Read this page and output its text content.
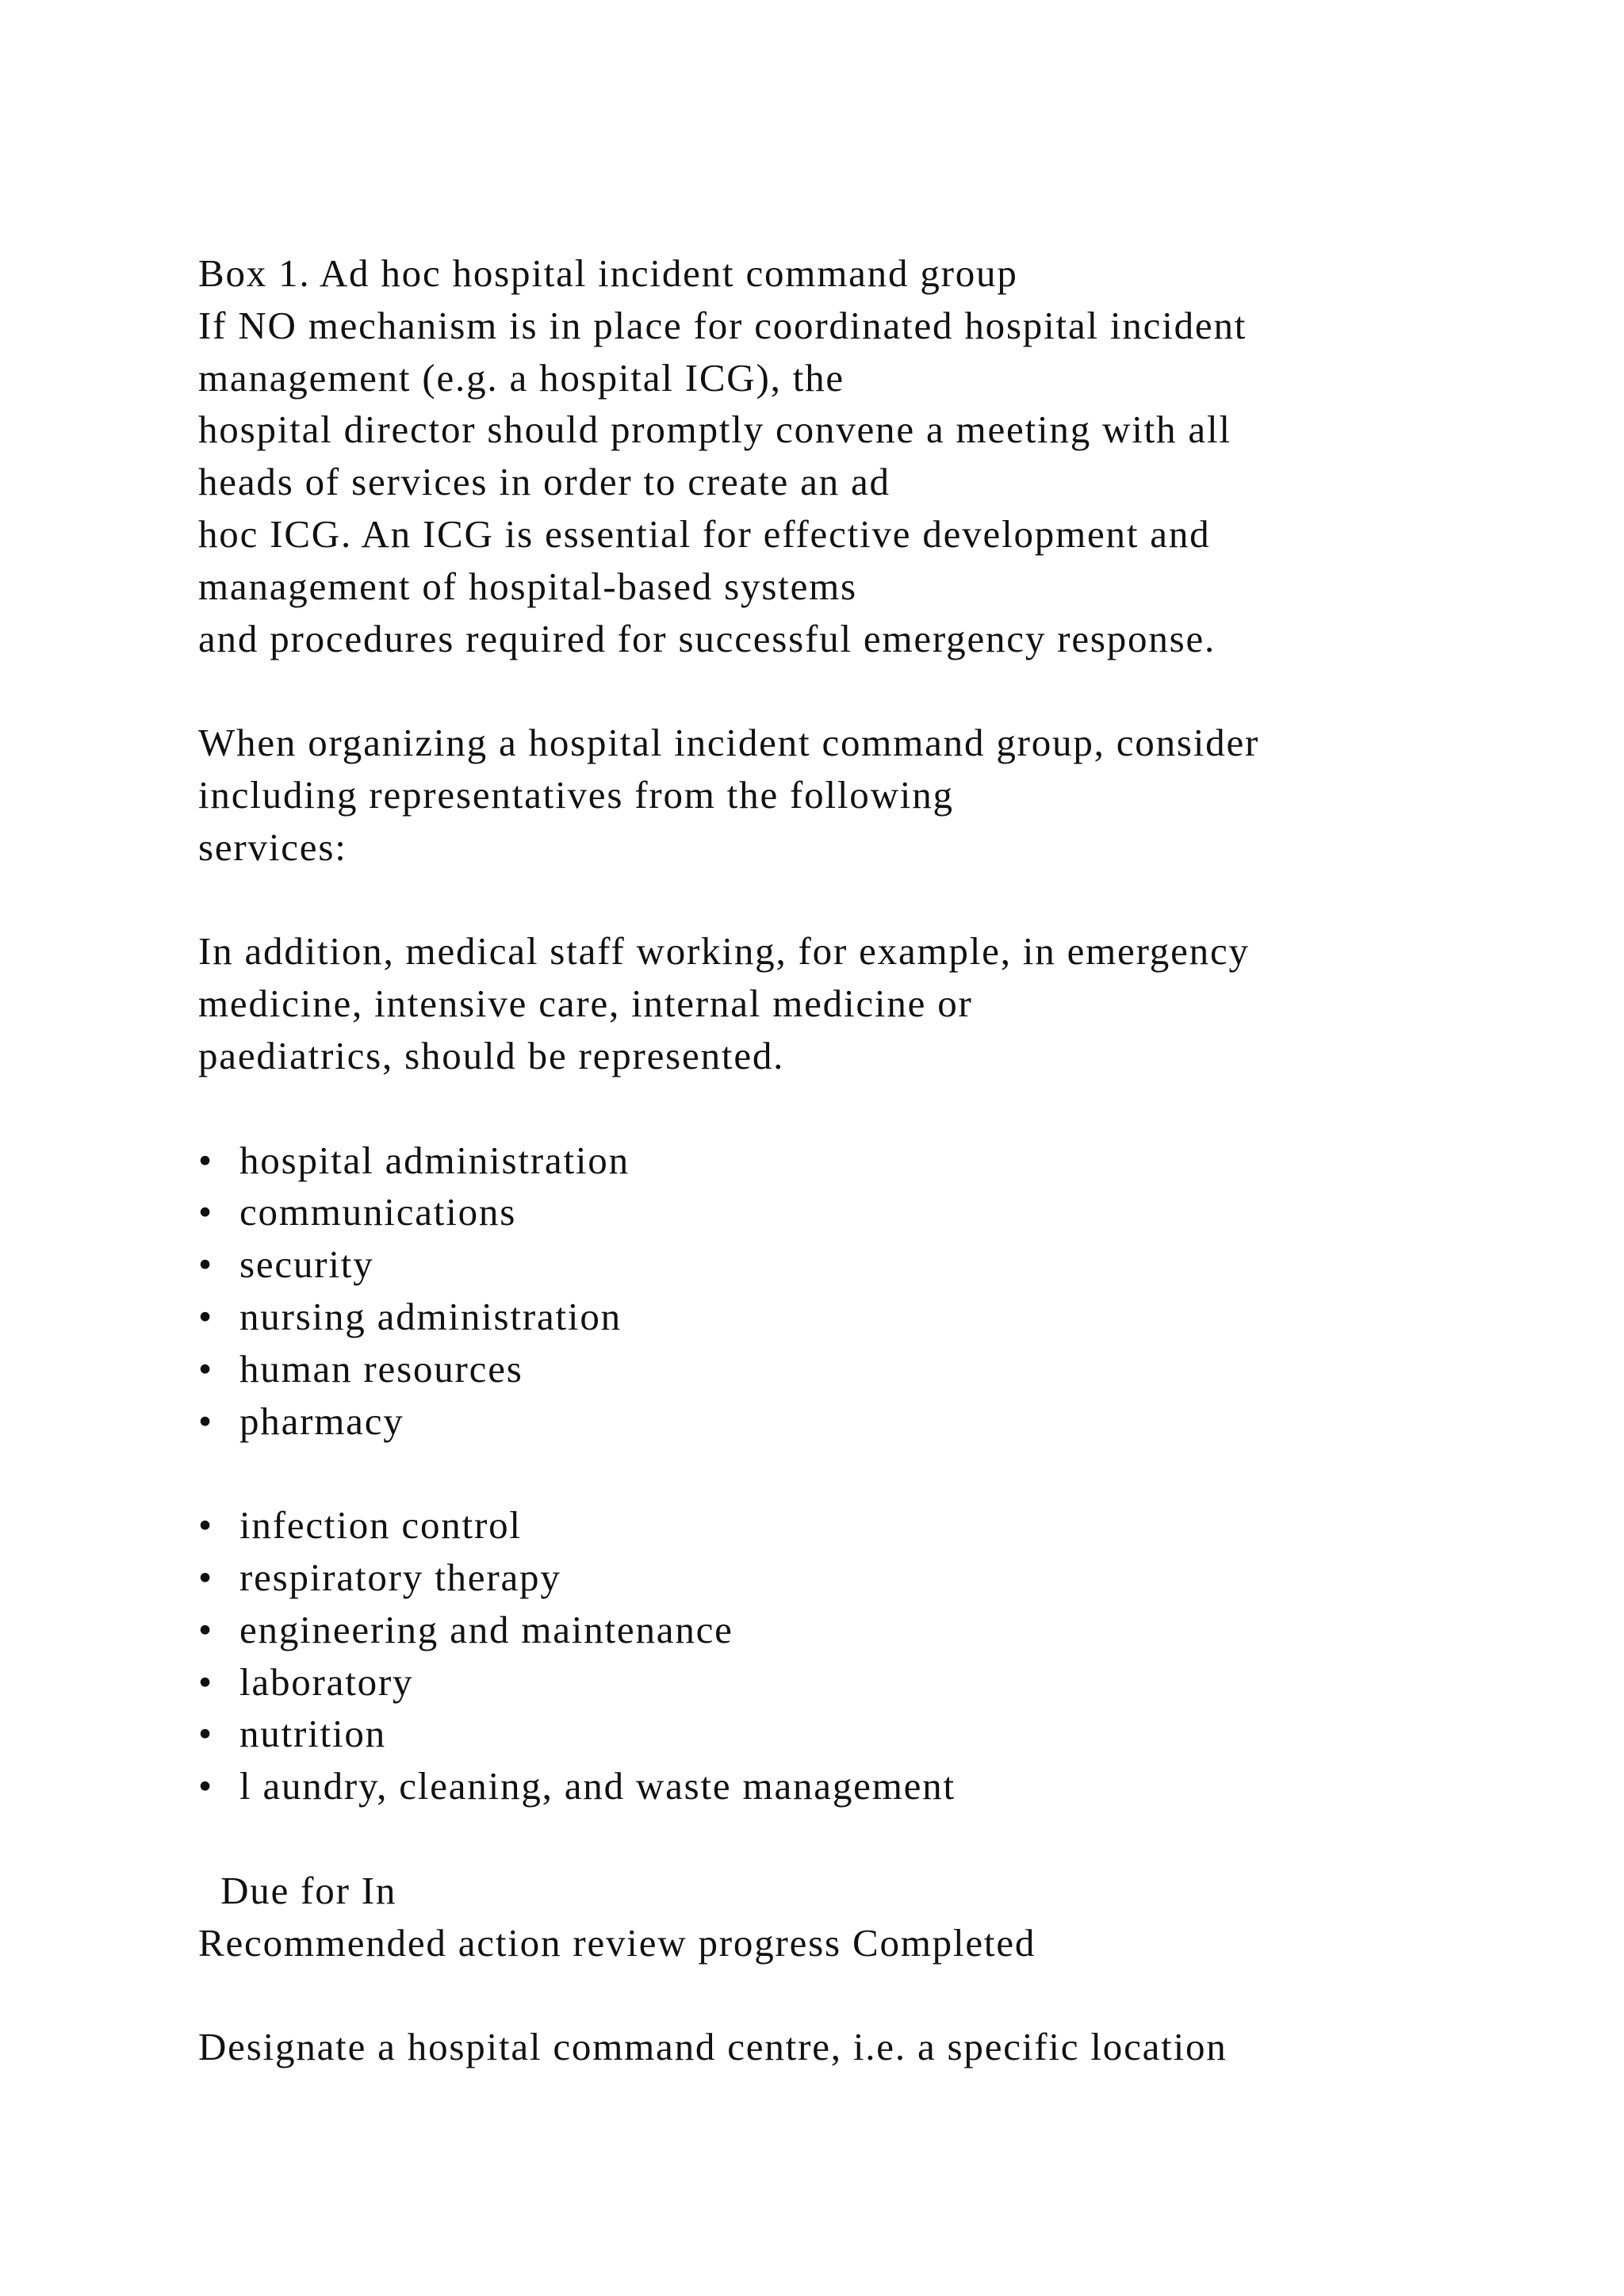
Box 1. Ad hoc hospital incident command group
If NO mechanism is in place for coordinated hospital incident
management (e.g. a hospital ICG), the
hospital director should promptly convene a meeting with all
heads of services in order to create an ad
hoc ICG. An ICG is essential for effective development and
management of hospital-based systems
and procedures required for successful emergency response.
When organizing a hospital incident command group, consider
including representatives from the following
services:
In addition, medical staff working, for example, in emergency
medicine, intensive care, internal medicine or
paediatrics, should be represented.
• hospital administration
• communications
• security
• nursing administration
• human resources
• pharmacy
• infection control
• respiratory therapy
• engineering and maintenance
• laboratory
• nutrition
• l aundry, cleaning, and waste management
Due for In
Recommended action review progress Completed
Designate a hospital command centre, i.e. a specific location
